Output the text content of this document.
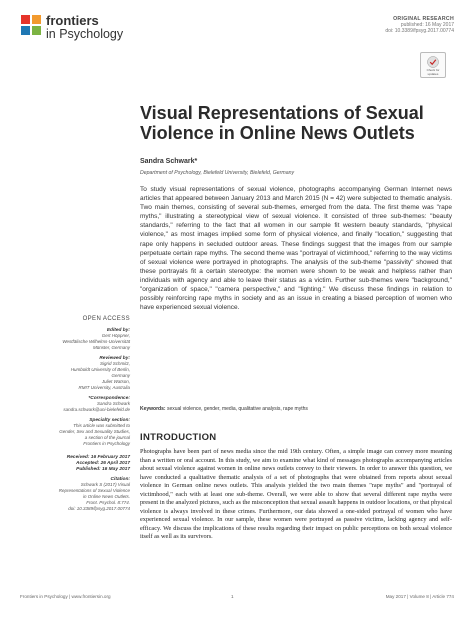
frontiers
in Psychology
ORIGINAL RESEARCH
published: 16 May 2017
doi: 10.3389/fpsyg.2017.00774
Check for updates
Visual Representations of Sexual
Violence in Online News Outlets
Sandra Schwark*
Department of Psychology, Bielefeld University, Bielefeld, Germany

To study visual representations of sexual violence, photographs accompanying German Internet news articles that appeared between January 2013 and March 2015 (N = 42) were subjected to thematic analysis. Two main themes, consisting of several sub-themes, emerged from the data. The first theme was "rape myths," illustrating a stereotypical view of sexual violence. It consisted of three sub-themes: "beauty standards," referring to the fact that all women in our sample fit western beauty standards, "physical violence," as most images implied some form of physical violence, and finally "location," suggesting that rape only happens in secluded outdoor areas. These findings suggest that the images from our sample perpetuate certain rape myths. The second theme was "portrayal of victimhood," referring to the way victims of sexual violence were portrayed in photographs. The analysis of the sub-theme "passivity" showed that these portrayals fit a certain stereotype: the women were shown to be weak and helpless rather than individuals with agency and able to leave their status as a victim. Further sub-themes were "background," "organization of space," "camera perspective," and "lighting." We discuss these findings in relation to possibly reinforcing rape myths in society and as an issue in creating a biased perception of women who have experienced sexual violence.

Keywords: sexual violence, gender, media, qualitative analysis, rape myths
INTRODUCTION

Photographs have been part of news media since the mid 19th century. Often, a simple image can convey more meaning than a written or oral account. In this study, we aim to examine what kind of messages photographs accompanying articles about sexual violence against women in online news outlets convey to their viewers. In order to answer this question, we have conducted a qualitative thematic analysis of a set of photographs that were obtained from reports about sexual violence in German online news outlets. This analysis yielded the two main themes "rape myths" and "portrayal of victimhood," each with at least one sub-theme. Overall, we were able to show that several different rape myths were present in the analyzed pictures, such as the misconception that sexual assault happens in outdoor locations, or that physical violence is always involved in these crimes. Furthermore, our data showed a one-sided portrayal of women who have experienced sexual violence. In our sample, these women were portrayed as passive victims, lacking agency and self-efficacy. We discuss the implications of these results regarding their impact on public perceptions on both sexual violence itself as well as its survivors.

OPEN ACCESS
Edited by:
Gert Höppner,
Westfälische Wilhelms-Universität
Münster, Germany
Reviewed by:
Sigrid Schmitz,
Humboldt University of Berlin,
Germany
Juliet Watson,
RMIT University, Australia
*Correspondence:
Sandra Schwark
sandra.schwark@uni-bielefeld.de
Specialty section:
This article was submitted to
Gender, Sex and Sexuality Studies,
a section of the journal
Frontiers in Psychology
Received: 16 February 2017
Accepted: 26 April 2017
Published: 16 May 2017
Citation:
Schwark S (2017) Visual
Representations of Sexual Violence
in Online News Outlets.
Front. Psychol. 8:774.
doi: 10.3389/fpsyg.2017.00774
Frontiers in Psychology | www.frontiersin.org	1	May 2017 | Volume 8 | Article 774
